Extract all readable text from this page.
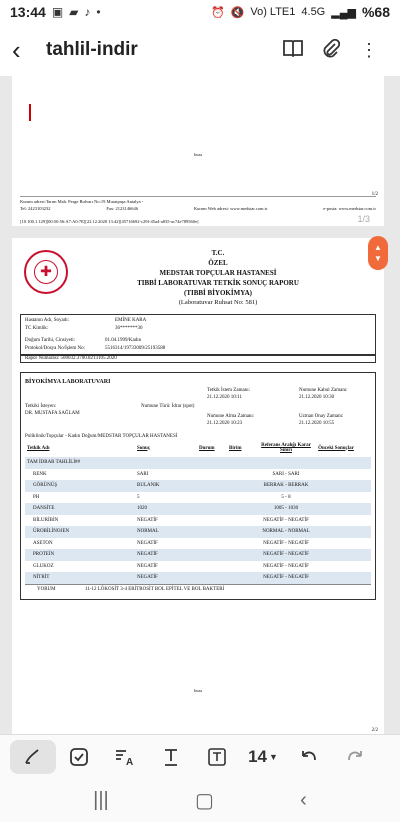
13:44 ▣ ▰ ♪ •	⏰ 🔇 Vo) LTE1 4.5G ▂▄▆ %68
‹	tahlil-indir	⋮
Imza
1/2
Kurum adresi:Tarım Mah. Perge Bulvarı No:19 Muratpaşa Antalya -
Tel: 2423103232	Fax: 2123146646	Kurum Web adresi: www.medstar.com.tr	e-posta: www.medstar.com.tr
[10.100.1.129][00:50:56:A7:A0:7E][22.12.2020 13:42][45716692-c29f-45a4-a835-ac74e789560e]	1/3
✚
T.C.
ÖZEL
MEDSTAR TOPÇULAR HASTANESİ
TIBBİ LABORATUVAR TETKİK SONUÇ RAPORU
(TIBBİ BİYOKİMYA)
(Laboratuvar Ruhsat No: 581)
Hastanın Adı, Soyadı:	EMİNE KARA
TC Kimlik:	36*******30
Doğum Tarihi, Cinsiyeti:	01.04.1999/Kadın
Protokol/Dosya No/İşlem No:	5516314/19733009/25193588
Rapor Numarası: 500032.3700.8213105.2020
BİYOKİMYA LABORATUVARI
Tetkik İstem Zamanı:
21.12.2020 10:11
Numune Kabul Zamanı:
21.12.2020 10:30
Tetkiki İsteyen:
DR. MUSTAFA SAĞLAM
Numune Türü: İdrar (spot)
Numune Alma Zamanı:
21.12.2020 10:23
Uzman Onay Zamanı:
21.12.2020 10:55
Poliklinik/Topçular - Kadın Doğum/MEDSTAR TOPÇULAR HASTANESİ
Tetkik Adı	Sonuç	Durum	Birim	Referans Aralığı Karar Sınırı	Önceki Sonuçlar
TAM İDRAR TAHLİLİ##
RENK	SARI	SARI - SARI
GÖRÜNÜŞ	BULANIK	BERRAK - BERRAK
PH	5	5 - 8
DANSİTE	1020	1005 - 1030
BİLURİBİN	NEGATİF	NEGATİF - NEGATİF
ÜROBİLİNOJEN	NORMAL	NORMAL - NORMAL
ASETON	NEGATİF	NEGATİF - NEGATİF
PROTEİN	NEGATİF	NEGATİF - NEGATİF
GLUKOZ	NEGATİF	NEGATİF - NEGATİF
NİTRİT	NEGATİF	NEGATİF - NEGATİF
YORUM	11-12 LÖKOSİT 3-4 ERİTROSİT BOL EPİTEL VE BOL BAKTERİ
Imza
2/2
▲
▼
A	14 ▼
|||	▢	‹
